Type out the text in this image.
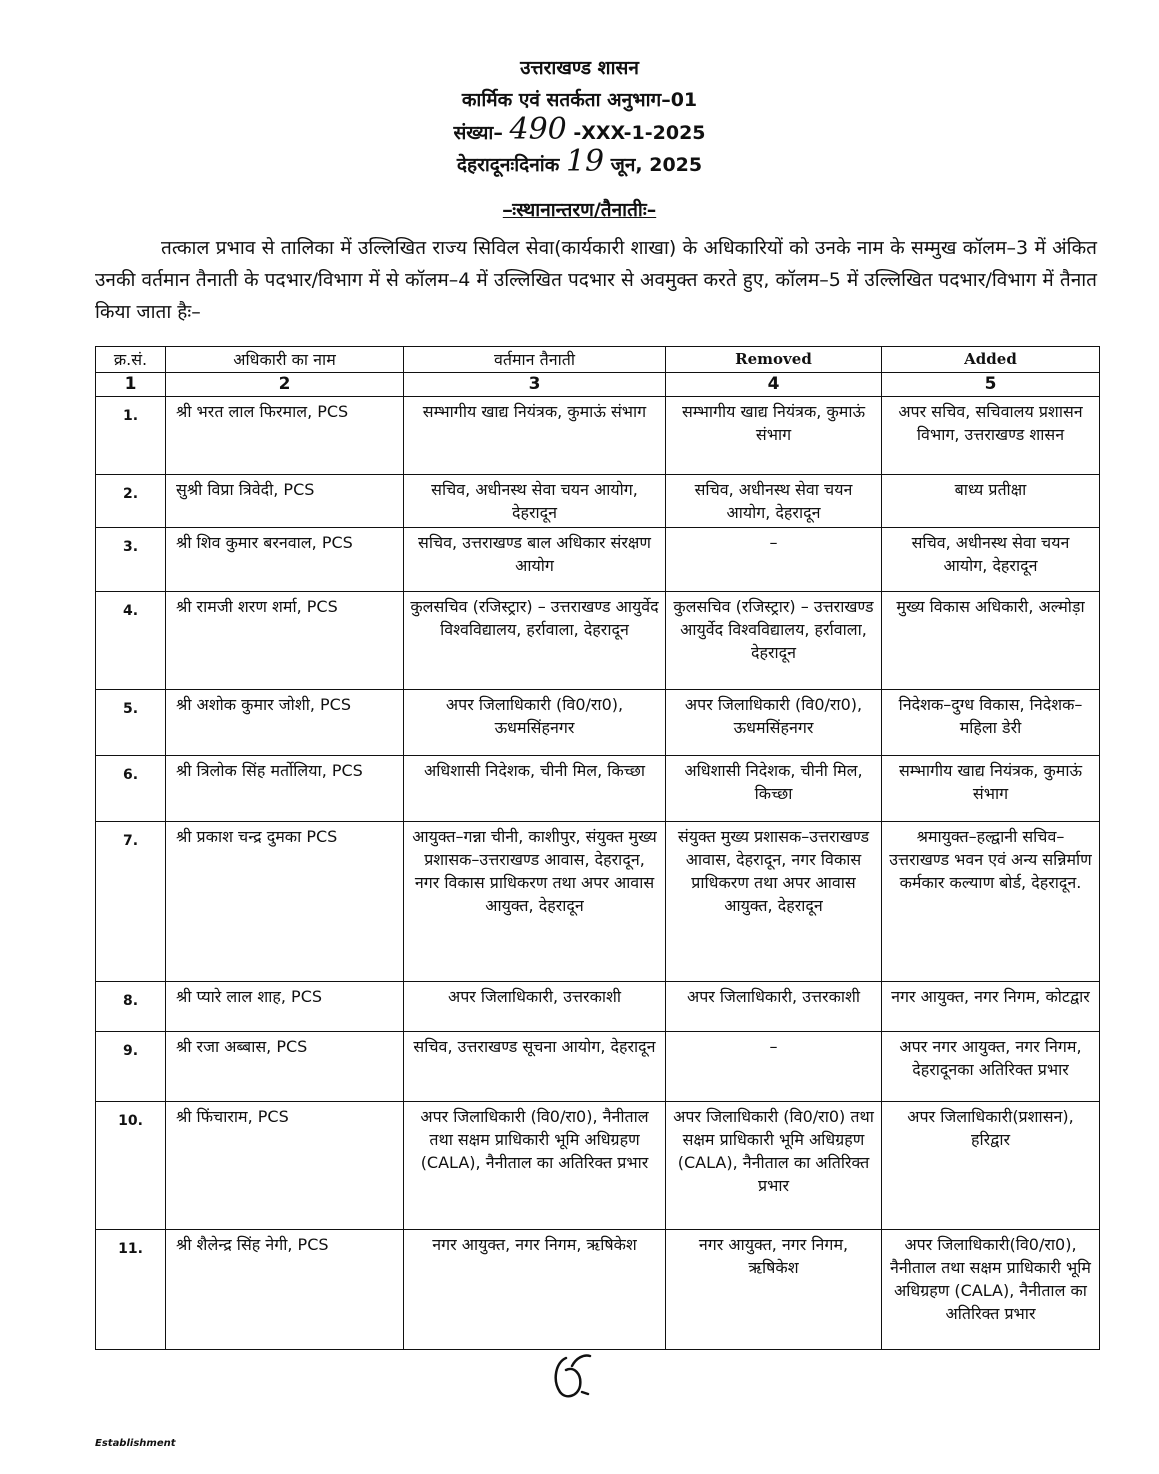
उत्तराखण्ड शासन
कार्मिक एवं सतर्कता अनुभाग–01
संख्या– 490 -XXX-1-2025
देहरादूनःदिनांक 19 जून, 2025
–ःस्थानान्तरण/तैनातीः–

तत्काल प्रभाव से तालिका में उल्लिखित राज्य सिविल सेवा(कार्यकारी शाखा) के अधिकारियों को उनके नाम के सम्मुख कॉलम–3 में अंकित उनकी वर्तमान तैनाती के पदभार/विभाग में से कॉलम–4 में उल्लिखित पदभार से अवमुक्त करते हुए, कॉलम–5 में उल्लिखित पदभार/विभाग में तैनात किया जाता हैः–

क्र.सं.	अधिकारी का नाम	वर्तमान तैनाती	Removed	Added
1	2	3	4	5
1.	श्री भरत लाल फिरमाल, PCS	सम्भागीय खाद्य नियंत्रक, कुमाऊं संभाग	सम्भागीय खाद्य नियंत्रक, कुमाऊं संभाग	अपर सचिव, सचिवालय प्रशासन विभाग, उत्तराखण्ड शासन
2.	सुश्री विप्रा त्रिवेदी, PCS	सचिव, अधीनस्थ सेवा चयन आयोग, देहरादून	सचिव, अधीनस्थ सेवा चयन आयोग, देहरादून	बाध्य प्रतीक्षा
3.	श्री शिव कुमार बरनवाल, PCS	सचिव, उत्तराखण्ड बाल अधिकार संरक्षण आयोग	–	सचिव, अधीनस्थ सेवा चयन आयोग, देहरादून
4.	श्री रामजी शरण शर्मा, PCS	कुलसचिव (रजिस्ट्रार) – उत्तराखण्ड आयुर्वेद विश्वविद्यालय, हर्रावाला, देहरादून	कुलसचिव (रजिस्ट्रार) – उत्तराखण्ड आयुर्वेद विश्वविद्यालय, हर्रावाला, देहरादून	मुख्य विकास अधिकारी, अल्मोड़ा
5.	श्री अशोक कुमार जोशी, PCS	अपर जिलाधिकारी (वि0/रा0), ऊधमसिंहनगर	अपर जिलाधिकारी (वि0/रा0), ऊधमसिंहनगर	निदेशक–दुग्ध विकास, निदेशक–महिला डेरी
6.	श्री त्रिलोक सिंह मर्तोलिया, PCS	अधिशासी निदेशक, चीनी मिल, किच्छा	अधिशासी निदेशक, चीनी मिल, किच्छा	सम्भागीय खाद्य नियंत्रक, कुमाऊं संभाग
7.	श्री प्रकाश चन्द्र दुमका PCS	आयुक्त–गन्ना चीनी, काशीपुर, संयुक्त मुख्य प्रशासक–उत्तराखण्ड आवास, देहरादून, नगर विकास प्राधिकरण तथा अपर आवास आयुक्त, देहरादून	संयुक्त मुख्य प्रशासक–उत्तराखण्ड आवास, देहरादून, नगर विकास प्राधिकरण तथा अपर आवास आयुक्त, देहरादून	श्रमायुक्त–हल्द्वानी सचिव–उत्तराखण्ड भवन एवं अन्य सन्निर्माण कर्मकार कल्याण बोर्ड, देहरादून.
8.	श्री प्यारे लाल शाह, PCS	अपर जिलाधिकारी, उत्तरकाशी	अपर जिलाधिकारी, उत्तरकाशी	नगर आयुक्त, नगर निगम, कोटद्वार
9.	श्री रजा अब्बास, PCS	सचिव, उत्तराखण्ड सूचना आयोग, देहरादून	–	अपर नगर आयुक्त, नगर निगम, देहरादूनका अतिरिक्त प्रभार
10.	श्री फिंचाराम, PCS	अपर जिलाधिकारी (वि0/रा0), नैनीताल तथा सक्षम प्राधिकारी भूमि अधिग्रहण (CALA), नैनीताल का अतिरिक्त प्रभार	अपर जिलाधिकारी (वि0/रा0) तथा सक्षम प्राधिकारी भूमि अधिग्रहण (CALA), नैनीताल का अतिरिक्त प्रभार	अपर जिलाधिकारी(प्रशासन), हरिद्वार
11.	श्री शैलेन्द्र सिंह नेगी, PCS	नगर आयुक्त, नगर निगम, ऋषिकेश	नगर आयुक्त, नगर निगम, ऋषिकेश	अपर जिलाधिकारी(वि0/रा0), नैनीताल तथा सक्षम प्राधिकारी भूमि अधिग्रहण (CALA), नैनीताल का अतिरिक्त प्रभार
Establishment
